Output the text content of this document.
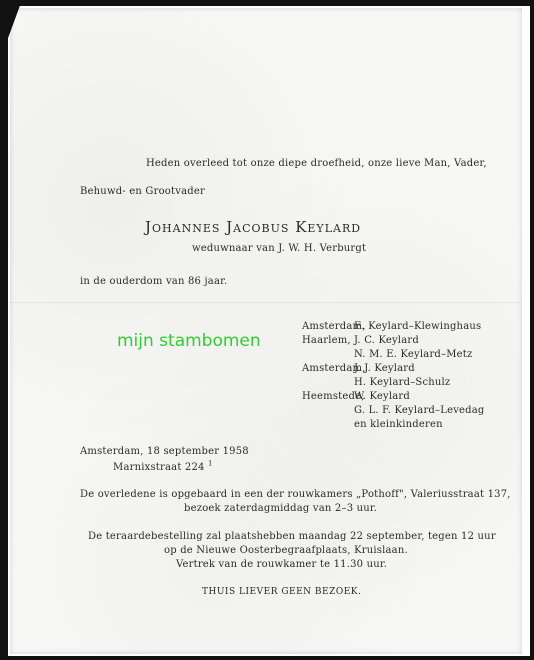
Heden overleed tot onze diepe droefheid, onze lieve Man, Vader,
Behuwd- en Grootvader
Johannes Jacobus Keylard
weduwnaar van J. W. H. Verburgt
in de ouderdom van 86 jaar.
mijn stambomen
Amsterdam,
E. Keylard–Klewinghaus
Haarlem, J. C. Keylard
N. M. E. Keylard–Metz
Amsterdam,
J. J. Keylard
H. Keylard–Schulz
Heemstede,
W. Keylard
G. L. F. Keylard–Levedag
en kleinkinderen
Amsterdam, 18 september 1958
Marnixstraat 224 $^1$
De overledene is opgebaard in een der rouwkamers „Pothoff", Valeriusstraat 137,
bezoek zaterdagmiddag van 2–3 uur.
De teraardebestelling zal plaatshebben maandag 22 september, tegen 12 uur
op de Nieuwe Oosterbegraafplaats, Kruislaan.
Vertrek van de rouwkamer te 11.30 uur.
THUIS LIEVER GEEN BEZOEK.
